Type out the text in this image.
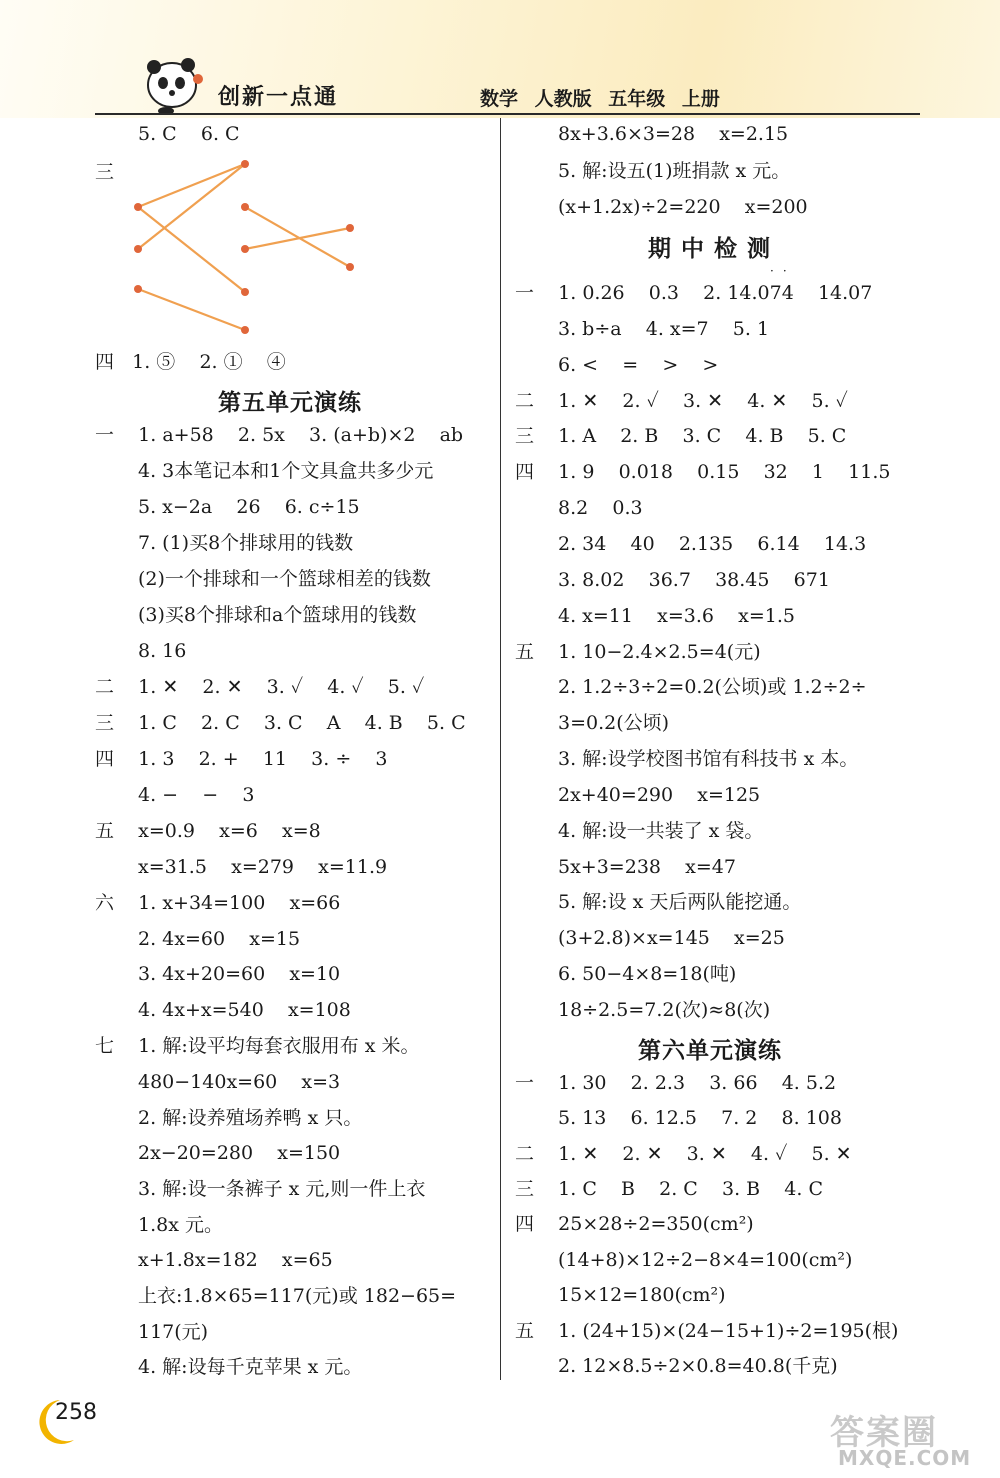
创新一点通	数学 人教版 五年级 上册
5. C    6. C
三
四   1. ⑤    2. ①    ④
第五单元演练
一    1. a+58    2. 5x    3. (a+b)×2    ab
4. 3本笔记本和1个文具盒共多少元
5. x−2a    26    6. c÷15
7. (1)买8个排球用的钱数
(2)一个排球和一个篮球相差的钱数
(3)买8个排球和a个篮球用的钱数
8. 16
二    1. ✕    2. ✕    3. ✓    4. ✓    5. ✓
三    1. C    2. C    3. C    A    4. B    5. C
四    1. 3    2. +    11    3. ÷    3
4. −    −    3
五    x=0.9    x=6    x=8
x=31.5    x=279    x=11.9
六    1. x+34=100    x=66
2. 4x=60    x=15
3. 4x+20=60    x=10
4. 4x+x=540    x=108
七    1. 解:设平均每套衣服用布 x 米。
480−140x=60    x=3
2. 解:设养殖场养鸭 x 只。
2x−20=280    x=150
3. 解:设一条裤子 x 元,则一件上衣
1.8x 元。
x+1.8x=182    x=65
上衣:1.8×65=117(元)或 182−65=
117(元)
4. 解:设每千克苹果 x 元。
8x+3.6×3=28    x=2.15
5. 解:设五(1)班捐款 x 元。
(x+1.2x)÷2=220    x=200
期 中 检 测
··
一    1. 0.26    0.3    2. 14.074    14.07
3. b÷a    4. x=7    5. 1
6. <    =    >    >
二    1. ✕    2. ✓    3. ✕    4. ✕    5. ✓
三    1. A    2. B    3. C    4. B    5. C
四    1. 9    0.018    0.15    32    1    11.5
8.2    0.3
2. 34    40    2.135    6.14    14.3
3. 8.02    36.7    38.45    671
4. x=11    x=3.6    x=1.5
五    1. 10−2.4×2.5=4(元)
2. 1.2÷3÷2=0.2(公顷)或 1.2÷2÷
3=0.2(公顷)
3. 解:设学校图书馆有科技书 x 本。
2x+40=290    x=125
4. 解:设一共装了 x 袋。
5x+3=238    x=47
5. 解:设 x 天后两队能挖通。
(3+2.8)×x=145    x=25
6. 50−4×8=18(吨)
18÷2.5=7.2(次)≈8(次)
第六单元演练
一    1. 30    2. 2.3    3. 66    4. 5.2
5. 13    6. 12.5    7. 2    8. 108
二    1. ✕    2. ✕    3. ✕    4. ✓    5. ✕
三    1. C    B    2. C    3. B    4. C
四    25×28÷2=350(cm²)
(14+8)×12÷2−8×4=100(cm²)
15×12=180(cm²)
五    1. (24+15)×(24−15+1)÷2=195(根)
2. 12×8.5÷2×0.8=40.8(千克)
258
答案圈
MXQE.COM
